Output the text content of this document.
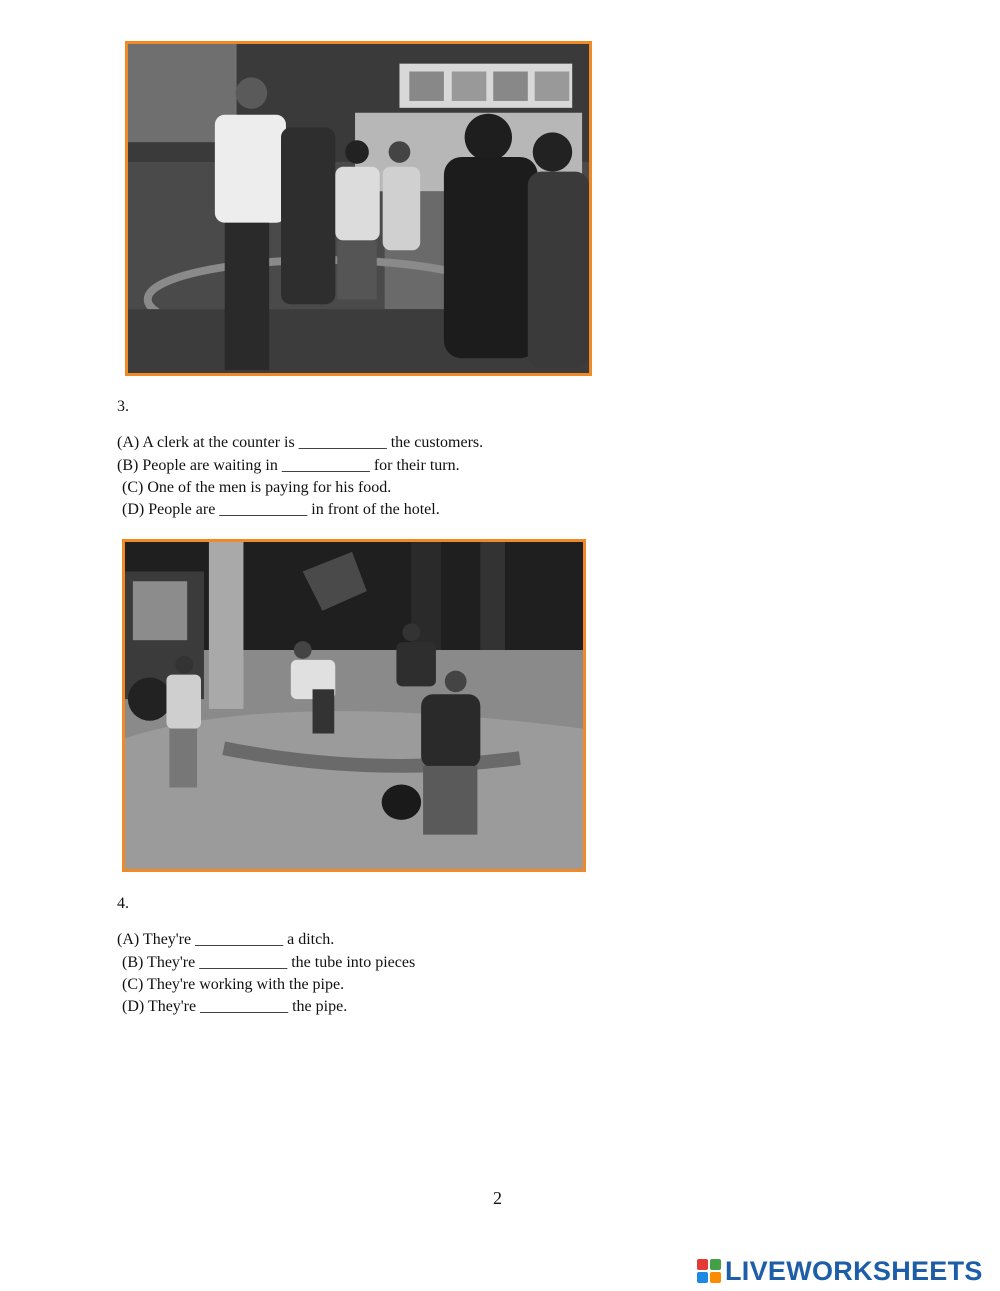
3.
(A) A clerk at the counter is ___________ the customers.
(B) People are waiting in ___________ for their turn.
(C) One of the men is paying for his food.
(D) People are ___________ in front of the hotel.
4.
(A) They're ___________ a ditch.
(B) They're ___________ the tube into pieces
(C) They're working with the pipe.
(D) They're ___________ the pipe.
2
LIVEWORKSHEETS
